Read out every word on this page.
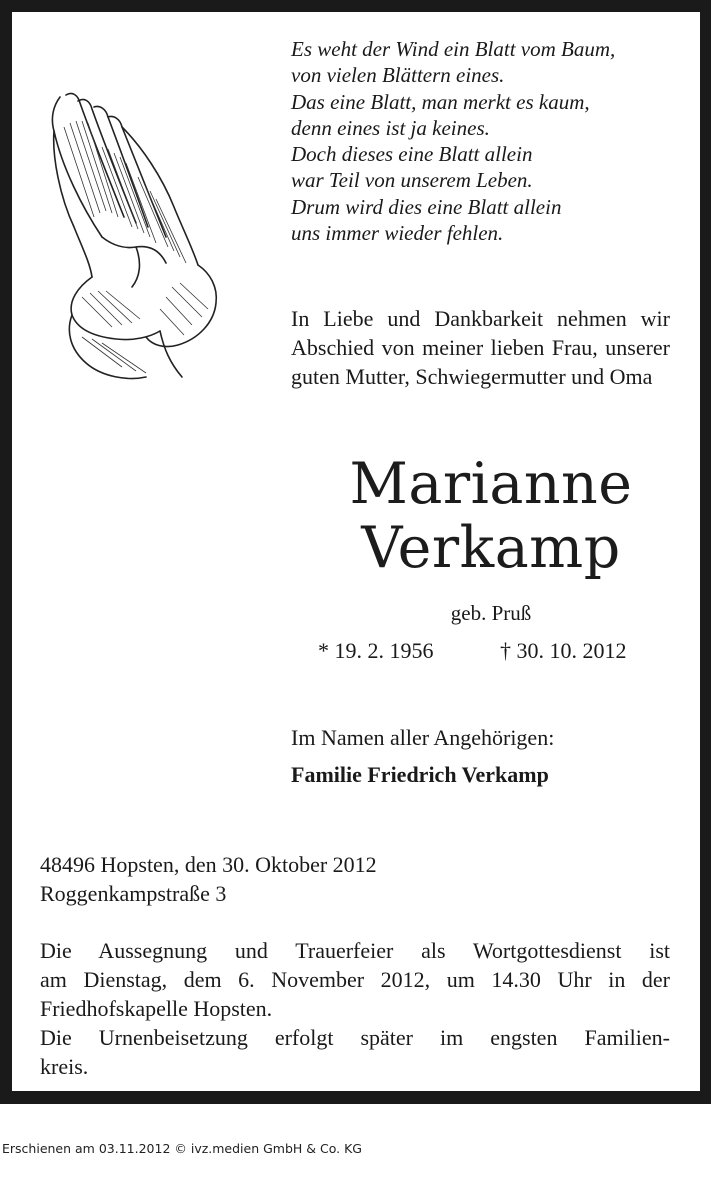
Es weht der Wind ein Blatt vom Baum,
von vielen Blättern eines.
Das eine Blatt, man merkt es kaum,
denn eines ist ja keines.
Doch dieses eine Blatt allein
war Teil von unserem Leben.
Drum wird dies eine Blatt allein
uns immer wieder fehlen.
In Liebe und Dankbarkeit nehmen wir Abschied von meiner lieben Frau, unserer guten Mutter, Schwiegermutter und Oma
Marianne
Verkamp
geb. Pruß
* 19. 2. 1956	† 30. 10. 2012
Im Namen aller Angehörigen:
Familie Friedrich Verkamp
48496 Hopsten, den 30. Oktober 2012
Roggenkampstraße 3
Die Aussegnung und Trauerfeier als Wortgottesdienst ist
am Dienstag, dem 6. November 2012, um 14.30 Uhr in der
Friedhofskapelle Hopsten.
Die Urnenbeisetzung erfolgt später im engsten Familien-
kreis.
Erschienen am 03.11.2012 © ivz.medien GmbH & Co. KG
